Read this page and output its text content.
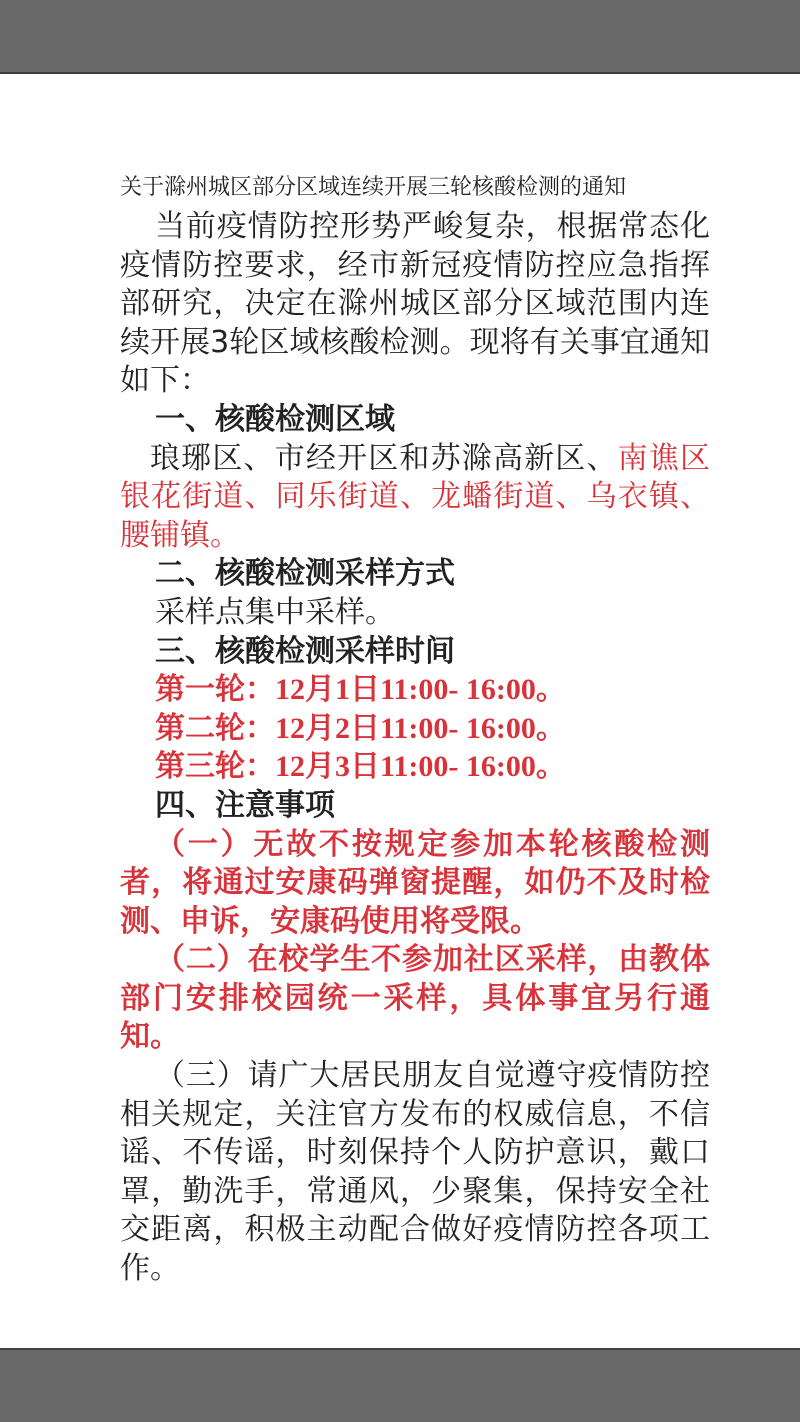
关于滁州城区部分区域连续开展三轮核酸检测的通知

当前疫情防控形势严峻复杂，根据常态化疫情防控要求，经市新冠疫情防控应急指挥部研究，决定在滁州城区部分区域范围内连续开展3轮区域核酸检测。现将有关事宜通知如下：

一、核酸检测区域

琅琊区、市经开区和苏滁高新区、南谯区银花街道、同乐街道、龙蟠街道、乌衣镇、腰铺镇。

二、核酸检测采样方式
采样点集中采样。
三、核酸检测采样时间
第一轮：12月1日11:00- 16:00。
第二轮：12月2日11:00- 16:00。
第三轮：12月3日11:00- 16:00。
四、注意事项

（一）无故不按规定参加本轮核酸检测者，将通过安康码弹窗提醒，如仍不及时检测、申诉，安康码使用将受限。

（二）在校学生不参加社区采样，由教体部门安排校园统一采样，具体事宜另行通知。

（三）请广大居民朋友自觉遵守疫情防控相关规定，关注官方发布的权威信息，不信谣、不传谣，时刻保持个人防护意识，戴口罩，勤洗手，常通风，少聚集，保持安全社交距离，积极主动配合做好疫情防控各项工作。
